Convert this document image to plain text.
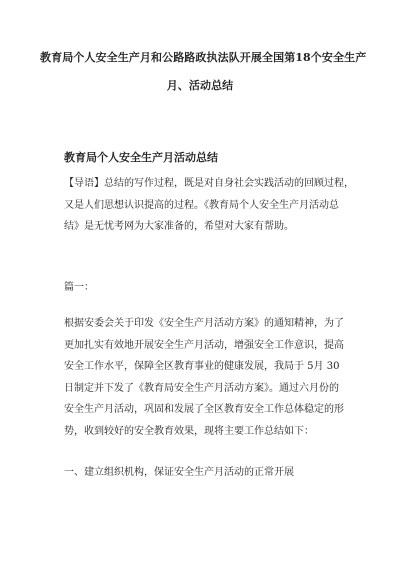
教育局个人安全生产月和公路路政执法队开展全国第18个安全生产
月、活动总结
教育局个人安全生产月活动总结
【导语】总结的写作过程，既是对自身社会实践活动的回顾过程，
又是人们思想认识提高的过程。《教育局个人安全生产月活动总
结》是无忧考网为大家准备的，希望对大家有帮助。
篇一：
根据安委会关于印发《安全生产月活动方案》的通知精神，为了
更加扎实有效地开展安全生产月活动，增强安全工作意识，提高
安全工作水平，保障全区教育事业的健康发展，我局于 5月 30
日制定并下发了《教育局安全生产月活动方案》。通过六月份的
安全生产月活动，巩固和发展了全区教育安全工作总体稳定的形
势，收到较好的安全教育效果，现将主要工作总结如下：
一、建立组织机构，保证安全生产月活动的正常开展
